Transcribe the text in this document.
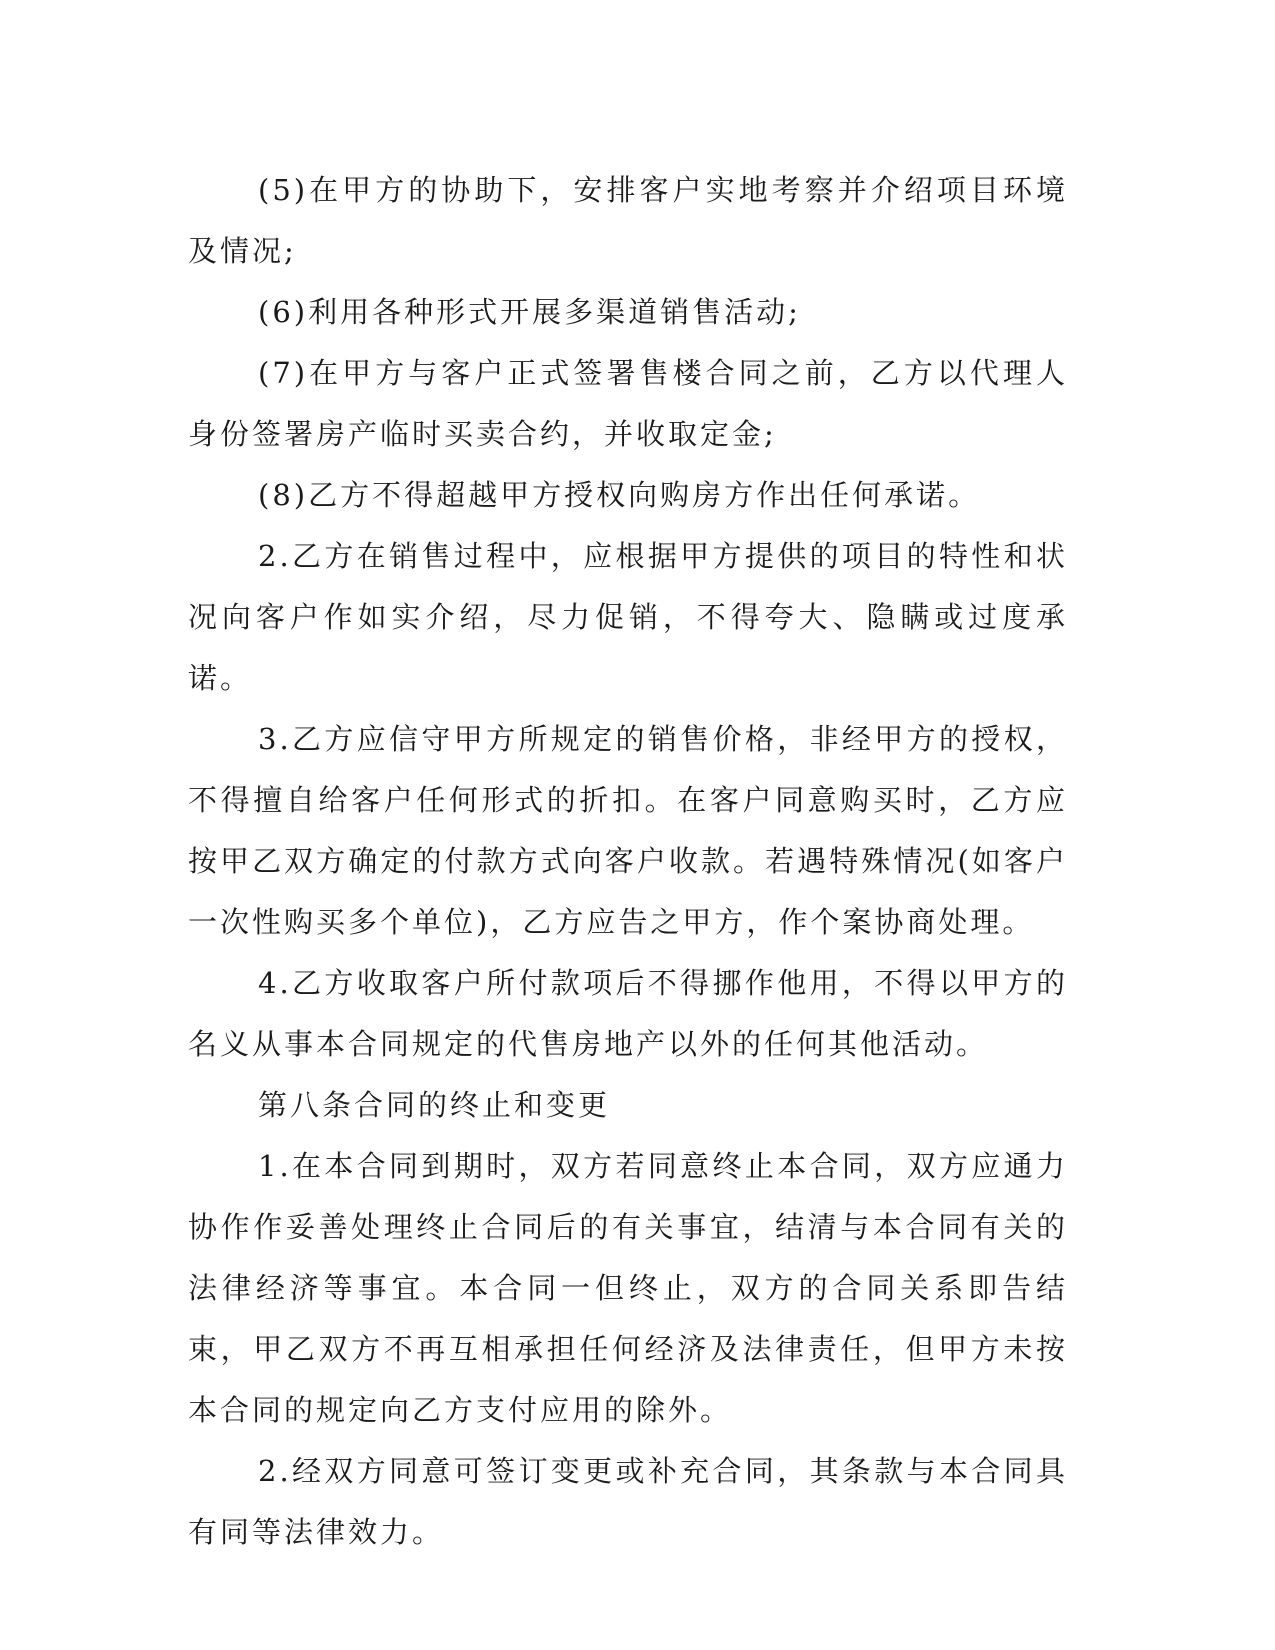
(5)在甲方的协助下，安排客户实地考察并介绍项目环境及情况;

(6)利用各种形式开展多渠道销售活动;

(7)在甲方与客户正式签署售楼合同之前，乙方以代理人身份签署房产临时买卖合约，并收取定金;

(8)乙方不得超越甲方授权向购房方作出任何承诺。

2.乙方在销售过程中，应根据甲方提供的项目的特性和状况向客户作如实介绍，尽力促销，不得夸大、隐瞒或过度承诺。

3.乙方应信守甲方所规定的销售价格，非经甲方的授权，不得擅自给客户任何形式的折扣。在客户同意购买时，乙方应按甲乙双方确定的付款方式向客户收款。若遇特殊情况(如客户一次性购买多个单位)，乙方应告之甲方，作个案协商处理。

4.乙方收取客户所付款项后不得挪作他用，不得以甲方的名义从事本合同规定的代售房地产以外的任何其他活动。

第八条合同的终止和变更

1.在本合同到期时，双方若同意终止本合同，双方应通力协作作妥善处理终止合同后的有关事宜，结清与本合同有关的法律经济等事宜。本合同一但终止，双方的合同关系即告结束，甲乙双方不再互相承担任何经济及法律责任，但甲方未按本合同的规定向乙方支付应用的除外。

2.经双方同意可签订变更或补充合同，其条款与本合同具有同等法律效力。
